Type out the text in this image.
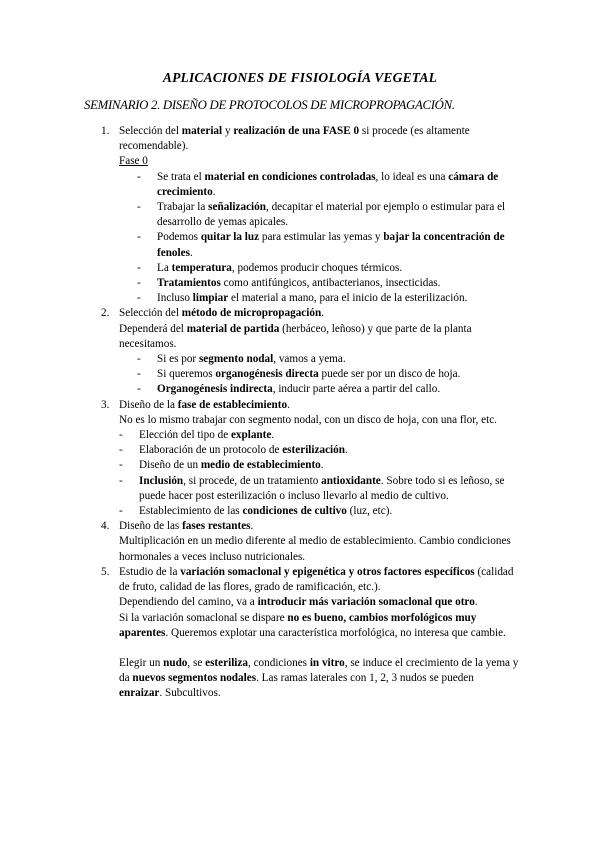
APLICACIONES DE FISIOLOGÍA VEGETAL
SEMINARIO 2. DISEÑO DE PROTOCOLOS DE MICROPROPAGACIÓN.
1. Selección del material y realización de una FASE 0 si procede (es altamente recomendable).
Fase 0
- Se trata el material en condiciones controladas, lo ideal es una cámara de crecimiento.
- Trabajar la señalización, decapitar el material por ejemplo o estimular para el desarrollo de yemas apicales.
- Podemos quitar la luz para estimular las yemas y bajar la concentración de fenoles.
- La temperatura, podemos producir choques térmicos.
- Tratamientos como antifúngicos, antibacterianos, insecticidas.
- Incluso limpiar el material a mano, para el inicio de la esterilización.
2. Selección del método de micropropagación.
Dependerá del material de partida (herbáceo, leñoso) y que parte de la planta necesitamos.
- Si es por segmento nodal, vamos a yema.
- Si queremos organogénesis directa puede ser por un disco de hoja.
- Organogénesis indirecta, inducir parte aérea a partir del callo.
3. Diseño de la fase de establecimiento.
No es lo mismo trabajar con segmento nodal, con un disco de hoja, con una flor, etc.
- Elección del tipo de explante.
- Elaboración de un protocolo de esterilización.
- Diseño de un medio de establecimiento.
- Inclusión, si procede, de un tratamiento antioxidante. Sobre todo si es leñoso, se puede hacer post esterilización o incluso llevarlo al medio de cultivo.
- Establecimiento de las condiciones de cultivo (luz, etc).
4. Diseño de las fases restantes.
Multiplicación en un medio diferente al medio de establecimiento. Cambio condiciones hormonales a veces incluso nutricionales.
5. Estudio de la variación somaclonal y epigenética y otros factores específicos (calidad de fruto, calidad de las flores, grado de ramificación, etc.).
Dependiendo del camino, va a introducir más variación somaclonal que otro.
Si la variación somaclonal se dispare no es bueno, cambios morfológicos muy aparentes. Queremos explotar una característica morfológica, no interesa que cambie.
Elegir un nudo, se esteriliza, condiciones in vitro, se induce el crecimiento de la yema y da nuevos segmentos nodales. Las ramas laterales con 1, 2, 3 nudos se pueden enraizar. Subcultivos.
